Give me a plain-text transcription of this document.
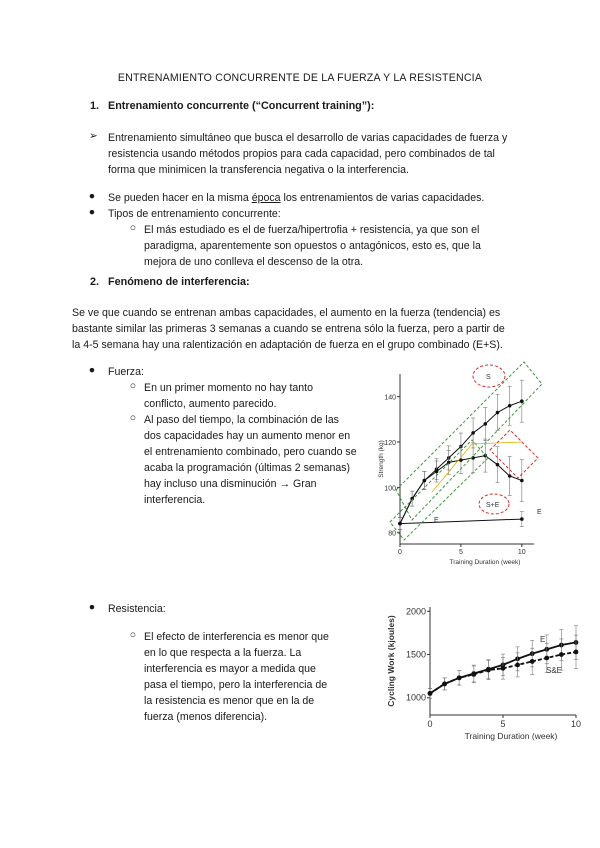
ENTRENAMIENTO CONCURRENTE DE LA FUERZA Y LA RESISTENCIA
1. Entrenamiento concurrente (“Concurrent training”):
➢ Entrenamiento simultáneo que busca el desarrollo de varias capacidades de fuerza y
resistencia usando métodos propios para cada capacidad, pero combinados de tal
forma que minimicen la transferencia negativa o la interferencia.
● Se pueden hacer en la misma época los entrenamientos de varias capacidades.
● Tipos de entrenamiento concurrente:
○ El más estudiado es el de fuerza/hipertrofia + resistencia, ya que son el
paradigma, aparentemente son opuestos o antagónicos, esto es, que la
mejora de uno conlleva el descenso de la otra.
2. Fenómeno de interferencia:
Se ve que cuando se entrenan ambas capacidades, el aumento en la fuerza (tendencia) es
bastante similar las primeras 3 semanas a cuando se entrena sólo la fuerza, pero a partir de
la 4-5 semana hay una ralentización en adaptación de fuerza en el grupo combinado (E+S).
● Fuerza:
○ En un primer momento no hay tanto
conflicto, aumento parecido.
○ Al paso del tiempo, la combinación de las
dos capacidades hay un aumento menor en
el entrenamiento combinado, pero cuando se
acaba la programación (últimas 2 semanas)
hay incluso una disminución → Gran
interferencia.
● Resistencia:
○ El efecto de interferencia es menor que
en lo que respecta a la fuerza. La
interferencia es mayor a medida que
pasa el tiempo, pero la interferencia de
la resistencia es menor que en la de
fuerza (menos diferencia).
80
100
120
140
0	5	10
Training Duration (week)
Strength (kg)
S
S+E
E
E
1000
1500
2000
0	5	10
Training Duration (week)
Cycling Work (kjoules)	E
S&E
